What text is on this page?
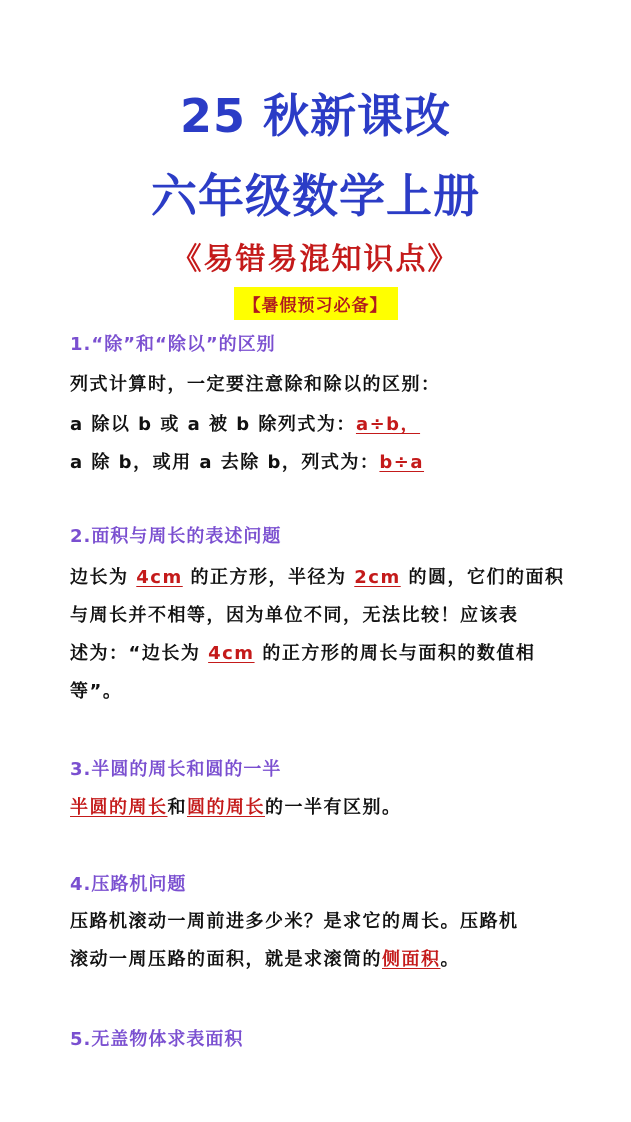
25 秋新课改
六年级数学上册
《易错易混知识点》
【暑假预习必备】
1.“除”和“除以”的区别
列式计算时，一定要注意除和除以的区别：
a 除以 b 或 a 被 b 除列式为：a÷b，
a 除 b，或用 a 去除 b，列式为：b÷a
2.面积与周长的表述问题
边长为 4cm 的正方形，半径为 2cm 的圆，它们的面积
与周长并不相等，因为单位不同，无法比较！应该表
述为：“边长为 4cm 的正方形的周长与面积的数值相
等”。
3.半圆的周长和圆的一半
半圆的周长和圆的周长的一半有区别。
4.压路机问题
压路机滚动一周前进多少米？是求它的周长。压路机
滚动一周压路的面积，就是求滚筒的侧面积。
5.无盖物体求表面积
